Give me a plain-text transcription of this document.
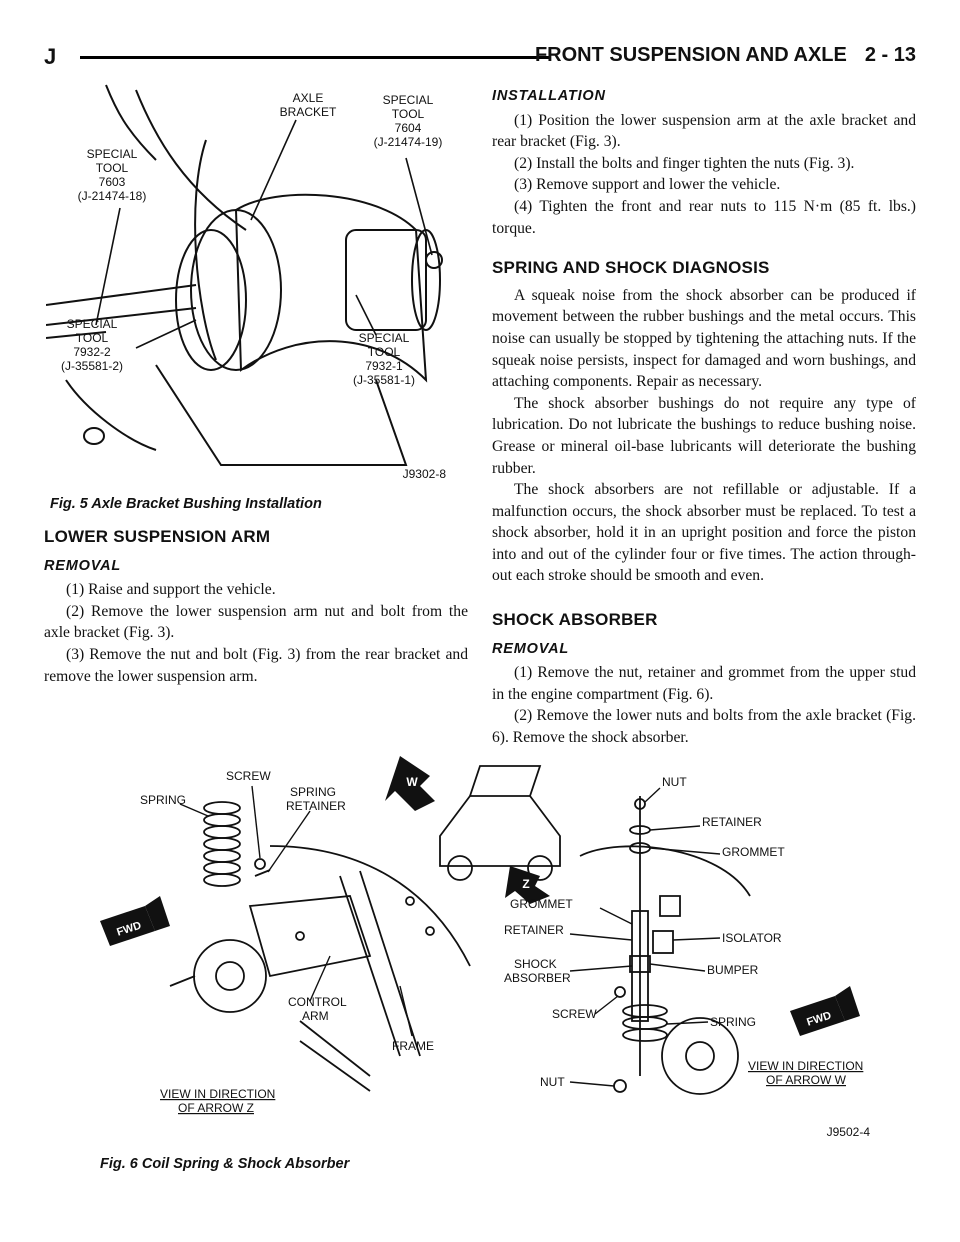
J	FRONT SUSPENSION AND AXLE 2 - 13
AXLE
BRACKET
SPECIAL
TOOL
7604
(J-21474-19)
SPECIAL
TOOL
7603
(J-21474-18)
SPECIAL
TOOL
7932-2
(J-35581-2)
SPECIAL
TOOL
7932-1
(J-35581-1)
J9302-8
Fig. 5 Axle Bracket Bushing Installation
LOWER SUSPENSION ARM
REMOVAL

(1) Raise and support the vehicle.

(2) Remove the lower suspension arm nut and bolt from the axle bracket (Fig. 3).

(3) Remove the nut and bolt (Fig. 3) from the rear bracket and remove the lower suspension arm.

INSTALLATION

(1) Position the lower suspension arm at the axle bracket and rear bracket (Fig. 3).

(2) Install the bolts and finger tighten the nuts (Fig. 3).

(3) Remove support and lower the vehicle.

(4) Tighten the front and rear nuts to 115 N·m (85 ft. lbs.) torque.

SPRING AND SHOCK DIAGNOSIS

A squeak noise from the shock absorber can be produced if movement between the rubber bushings and the metal occurs. This noise can usually be stopped by tightening the attaching nuts. If the squeak noise persists, inspect for damaged and worn bushings, and attaching components. Repair as necessary.

The shock absorber bushings do not require any type of lubrication. Do not lubricate the bushings to reduce bushing noise. Grease or mineral oil-base lubricants will deteriorate the bushing rubber.

The shock absorbers are not refillable or adjustable. If a malfunction occurs, the shock absorber must be replaced. To test a shock absorber, hold it in an upright position and force the piston into and out of the cylinder four or five times. The action through-out each stroke should be smooth and even.

SHOCK ABSORBER
REMOVAL

(1) Remove the nut, retainer and grommet from the upper stud in the engine compartment (Fig. 6).

(2) Remove the lower nuts and bolts from the axle bracket (Fig. 6). Remove the shock absorber.

FWD
FWD
W
Z
SPRING
SCREW
SPRING
RETAINER
CONTROL
ARM
FRAME
VIEW IN DIRECTION
OF ARROW Z
NUT
RETAINER
GROMMET
GROMMET
RETAINER
ISOLATOR
SHOCK
ABSORBER
BUMPER
SCREW
SPRING
NUT
VIEW IN DIRECTION
OF ARROW W
J9502-4
Fig. 6 Coil Spring & Shock Absorber
